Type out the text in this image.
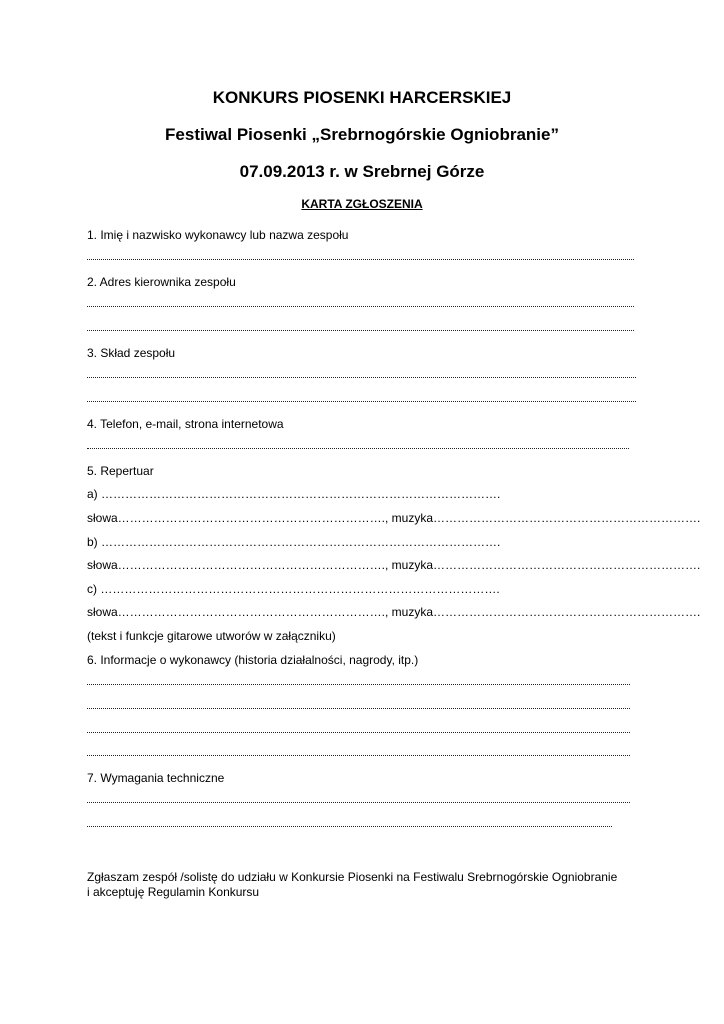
KONKURS PIOSENKI HARCERSKIEJ
Festiwal Piosenki „Srebrnogórskie Ogniobranie”
07.09.2013 r. w Srebrnej Górze
KARTA ZGŁOSZENIA
1. Imię i nazwisko wykonawcy lub nazwa zespołu
2. Adres kierownika zespołu
3. Skład zespołu
4. Telefon, e-mail, strona internetowa
5. Repertuar
a) ……………………………………………………………………………………….
słowa…………………………………………………………., muzyka………………………………………………………….
b) ……………………………………………………………………………………….
słowa…………………………………………………………., muzyka………………………………………………………….
c) ……………………………………………………………………………………….
słowa…………………………………………………………., muzyka………………………………………………………….
(tekst i funkcje gitarowe utworów w załączniku)
6. Informacje o wykonawcy (historia działalności, nagrody, itp.)
7. Wymagania techniczne
Zgłaszam zespół /solistę do udziału w Konkursie Piosenki na Festiwalu Srebrnogórskie Ogniobranie
i akceptuję Regulamin Konkursu
